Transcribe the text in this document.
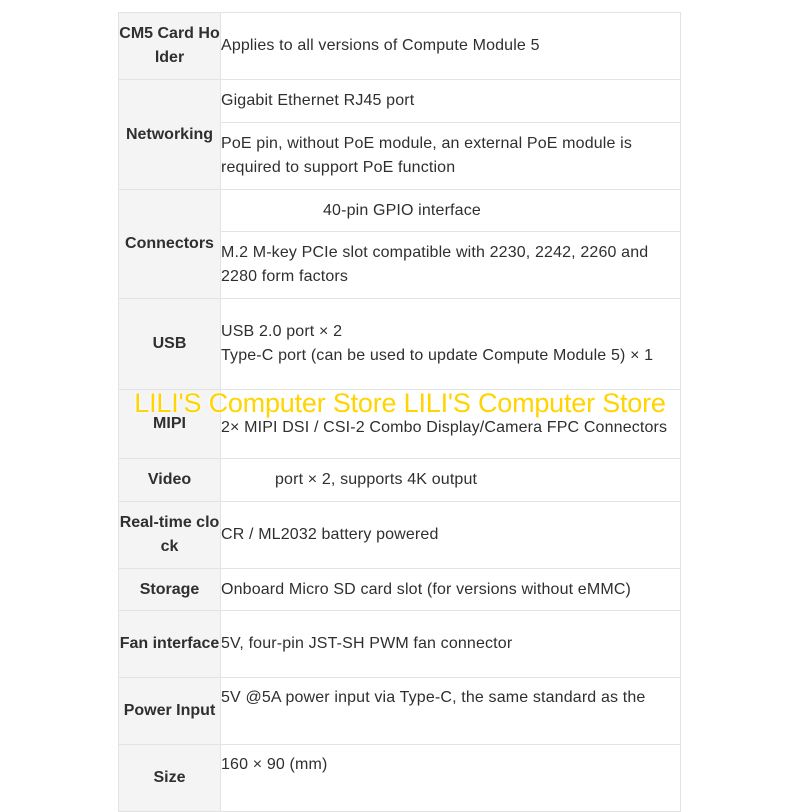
CM5 Card Holder	Applies to all versions of Compute Module 5
Networking	Gigabit Ethernet RJ45 port
	PoE pin, without PoE module, an external PoE module is required to support PoE function
Connectors	40-pin GPIO interface
	M.2 M-key PCIe slot compatible with 2230, 2242, 2260 and 2280 form factors
USB	USB 2.0 port × 2
Type-C port (can be used to update Compute Module 5) × 1

MIPI	2× MIPI DSI / CSI-2 Combo Display/Camera FPC Connectors
Video	port × 2, supports 4K output
Real-time clock	CR / ML2032 battery powered
Storage	Onboard Micro SD card slot (for versions without eMMC)
Fan interface	5V, four-pin JST-SH PWM fan connector
Power Input	5V @5A power input via Type-C, the same standard as the
Size	160 × 90 (mm)
LILI'S Computer Store LILI'S Computer Store
